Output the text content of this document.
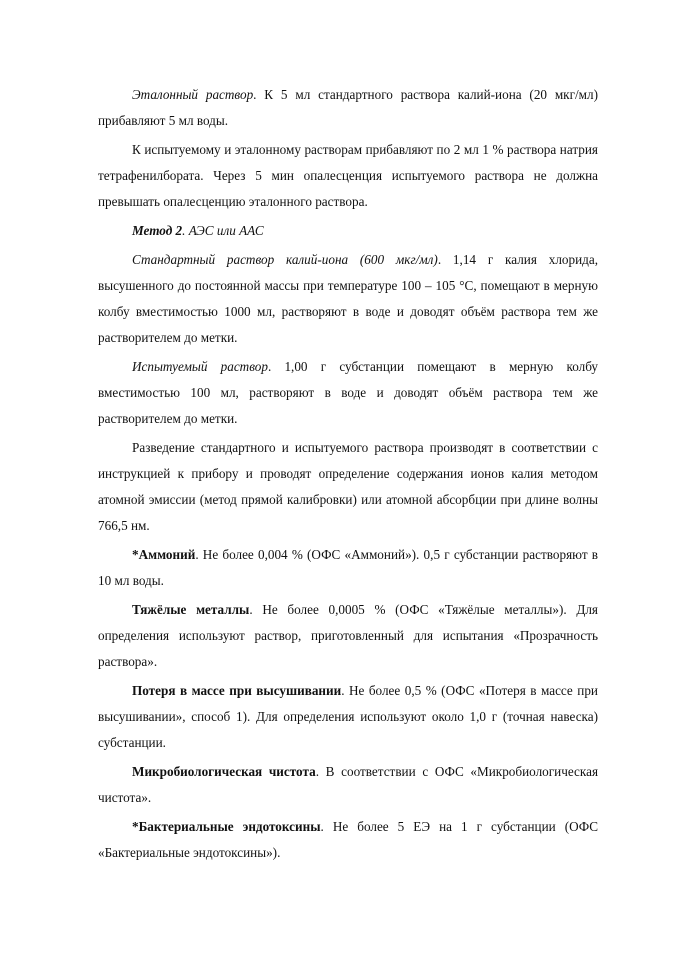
Эталонный раствор. К 5 мл стандартного раствора калий-иона (20 мкг/мл) прибавляют 5 мл воды.

К испытуемому и эталонному растворам прибавляют по 2 мл 1 % раствора натрия тетрафенилбората. Через 5 мин опалесценция испытуемого раствора не должна превышать опалесценцию эталонного раствора.

Метод 2. АЭС или ААС

Стандартный раствор калий-иона (600 мкг/мл). 1,14 г калия хлорида, высушенного до постоянной массы при температуре 100 – 105 °С, помещают в мерную колбу вместимостью 1000 мл, растворяют в воде и доводят объём раствора тем же растворителем до метки.

Испытуемый раствор. 1,00 г субстанции помещают в мерную колбу вместимостью 100 мл, растворяют в воде и доводят объём раствора тем же растворителем до метки.

Разведение стандартного и испытуемого раствора производят в соответствии с инструкцией к прибору и проводят определение содержания ионов калия методом атомной эмиссии (метод прямой калибровки) или атомной абсорбции при длине волны 766,5 нм.

*Аммоний. Не более 0,004 % (ОФС «Аммоний»). 0,5 г субстанции растворяют в 10 мл воды.

Тяжёлые металлы. Не более 0,0005 % (ОФС «Тяжёлые металлы»). Для определения используют раствор, приготовленный для испытания «Прозрачность раствора».

Потеря в массе при высушивании. Не более 0,5 % (ОФС «Потеря в массе при высушивании», способ 1). Для определения используют около 1,0 г (точная навеска) субстанции.

Микробиологическая чистота. В соответствии с ОФС «Микробиологическая чистота».

*Бактериальные эндотоксины. Не более 5 ЕЭ на 1 г субстанции (ОФС «Бактериальные эндотоксины»).
